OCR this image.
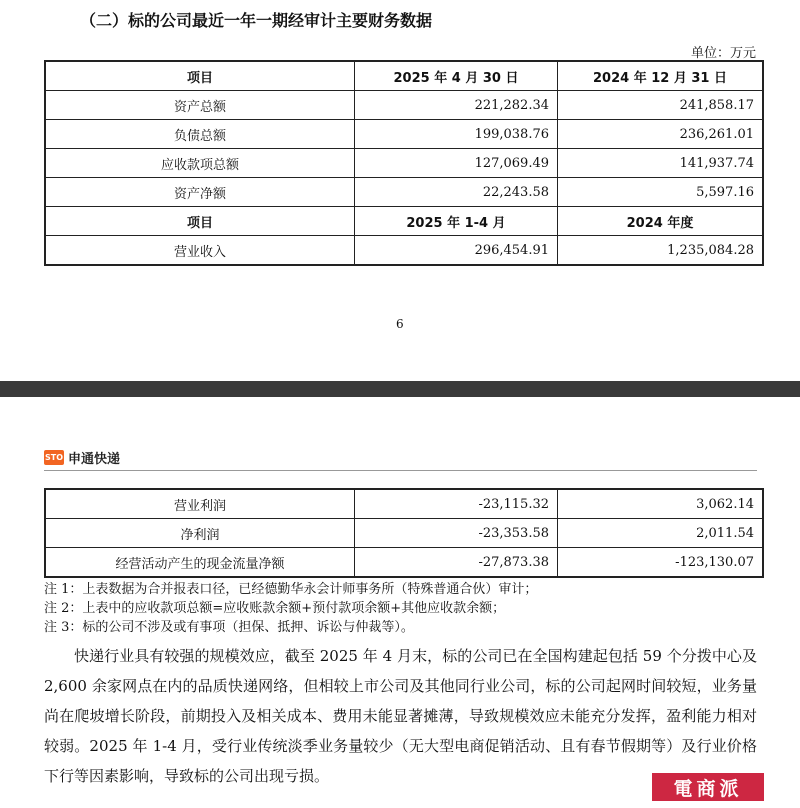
（二）标的公司最近一年一期经审计主要财务数据
单位：万元
项目	2025 年 4 月 30 日	2024 年 12 月 31 日
资产总额	221,282.34	241,858.17
负债总额	199,038.76	236,261.01
应收款项总额	127,069.49	141,937.74
资产净额	22,243.58	5,597.16
项目	2025 年 1-4 月	2024 年度
营业收入	296,454.91	1,235,084.28
6
STO 申通快递
营业利润	-23,115.32	3,062.14
净利润	-23,353.58	2,011.54
经营活动产生的现金流量净额	-27,873.38	-123,130.07
注 1：上表数据为合并报表口径，已经德勤华永会计师事务所（特殊普通合伙）审计；
注 2：上表中的应收款项总额=应收账款余额+预付款项余额+其他应收款余额；
注 3：标的公司不涉及或有事项（担保、抵押、诉讼与仲裁等）。
快递行业具有较强的规模效应，截至 2025 年 4 月末，标的公司已在全国构建起包括 59 个分拨中心及 2,600 余家网点在内的品质快递网络，但相较上市公司及其他同行业公司，标的公司起网时间较短，业务量尚在爬坡增长阶段，前期投入及相关成本、费用未能显著摊薄，导致规模效应未能充分发挥，盈利能力相对较弱。2025 年 1-4 月，受行业传统淡季业务量较少（无大型电商促销活动、且有春节假期等）及行业价格下行等因素影响，导致标的公司出现亏损。
電商派
